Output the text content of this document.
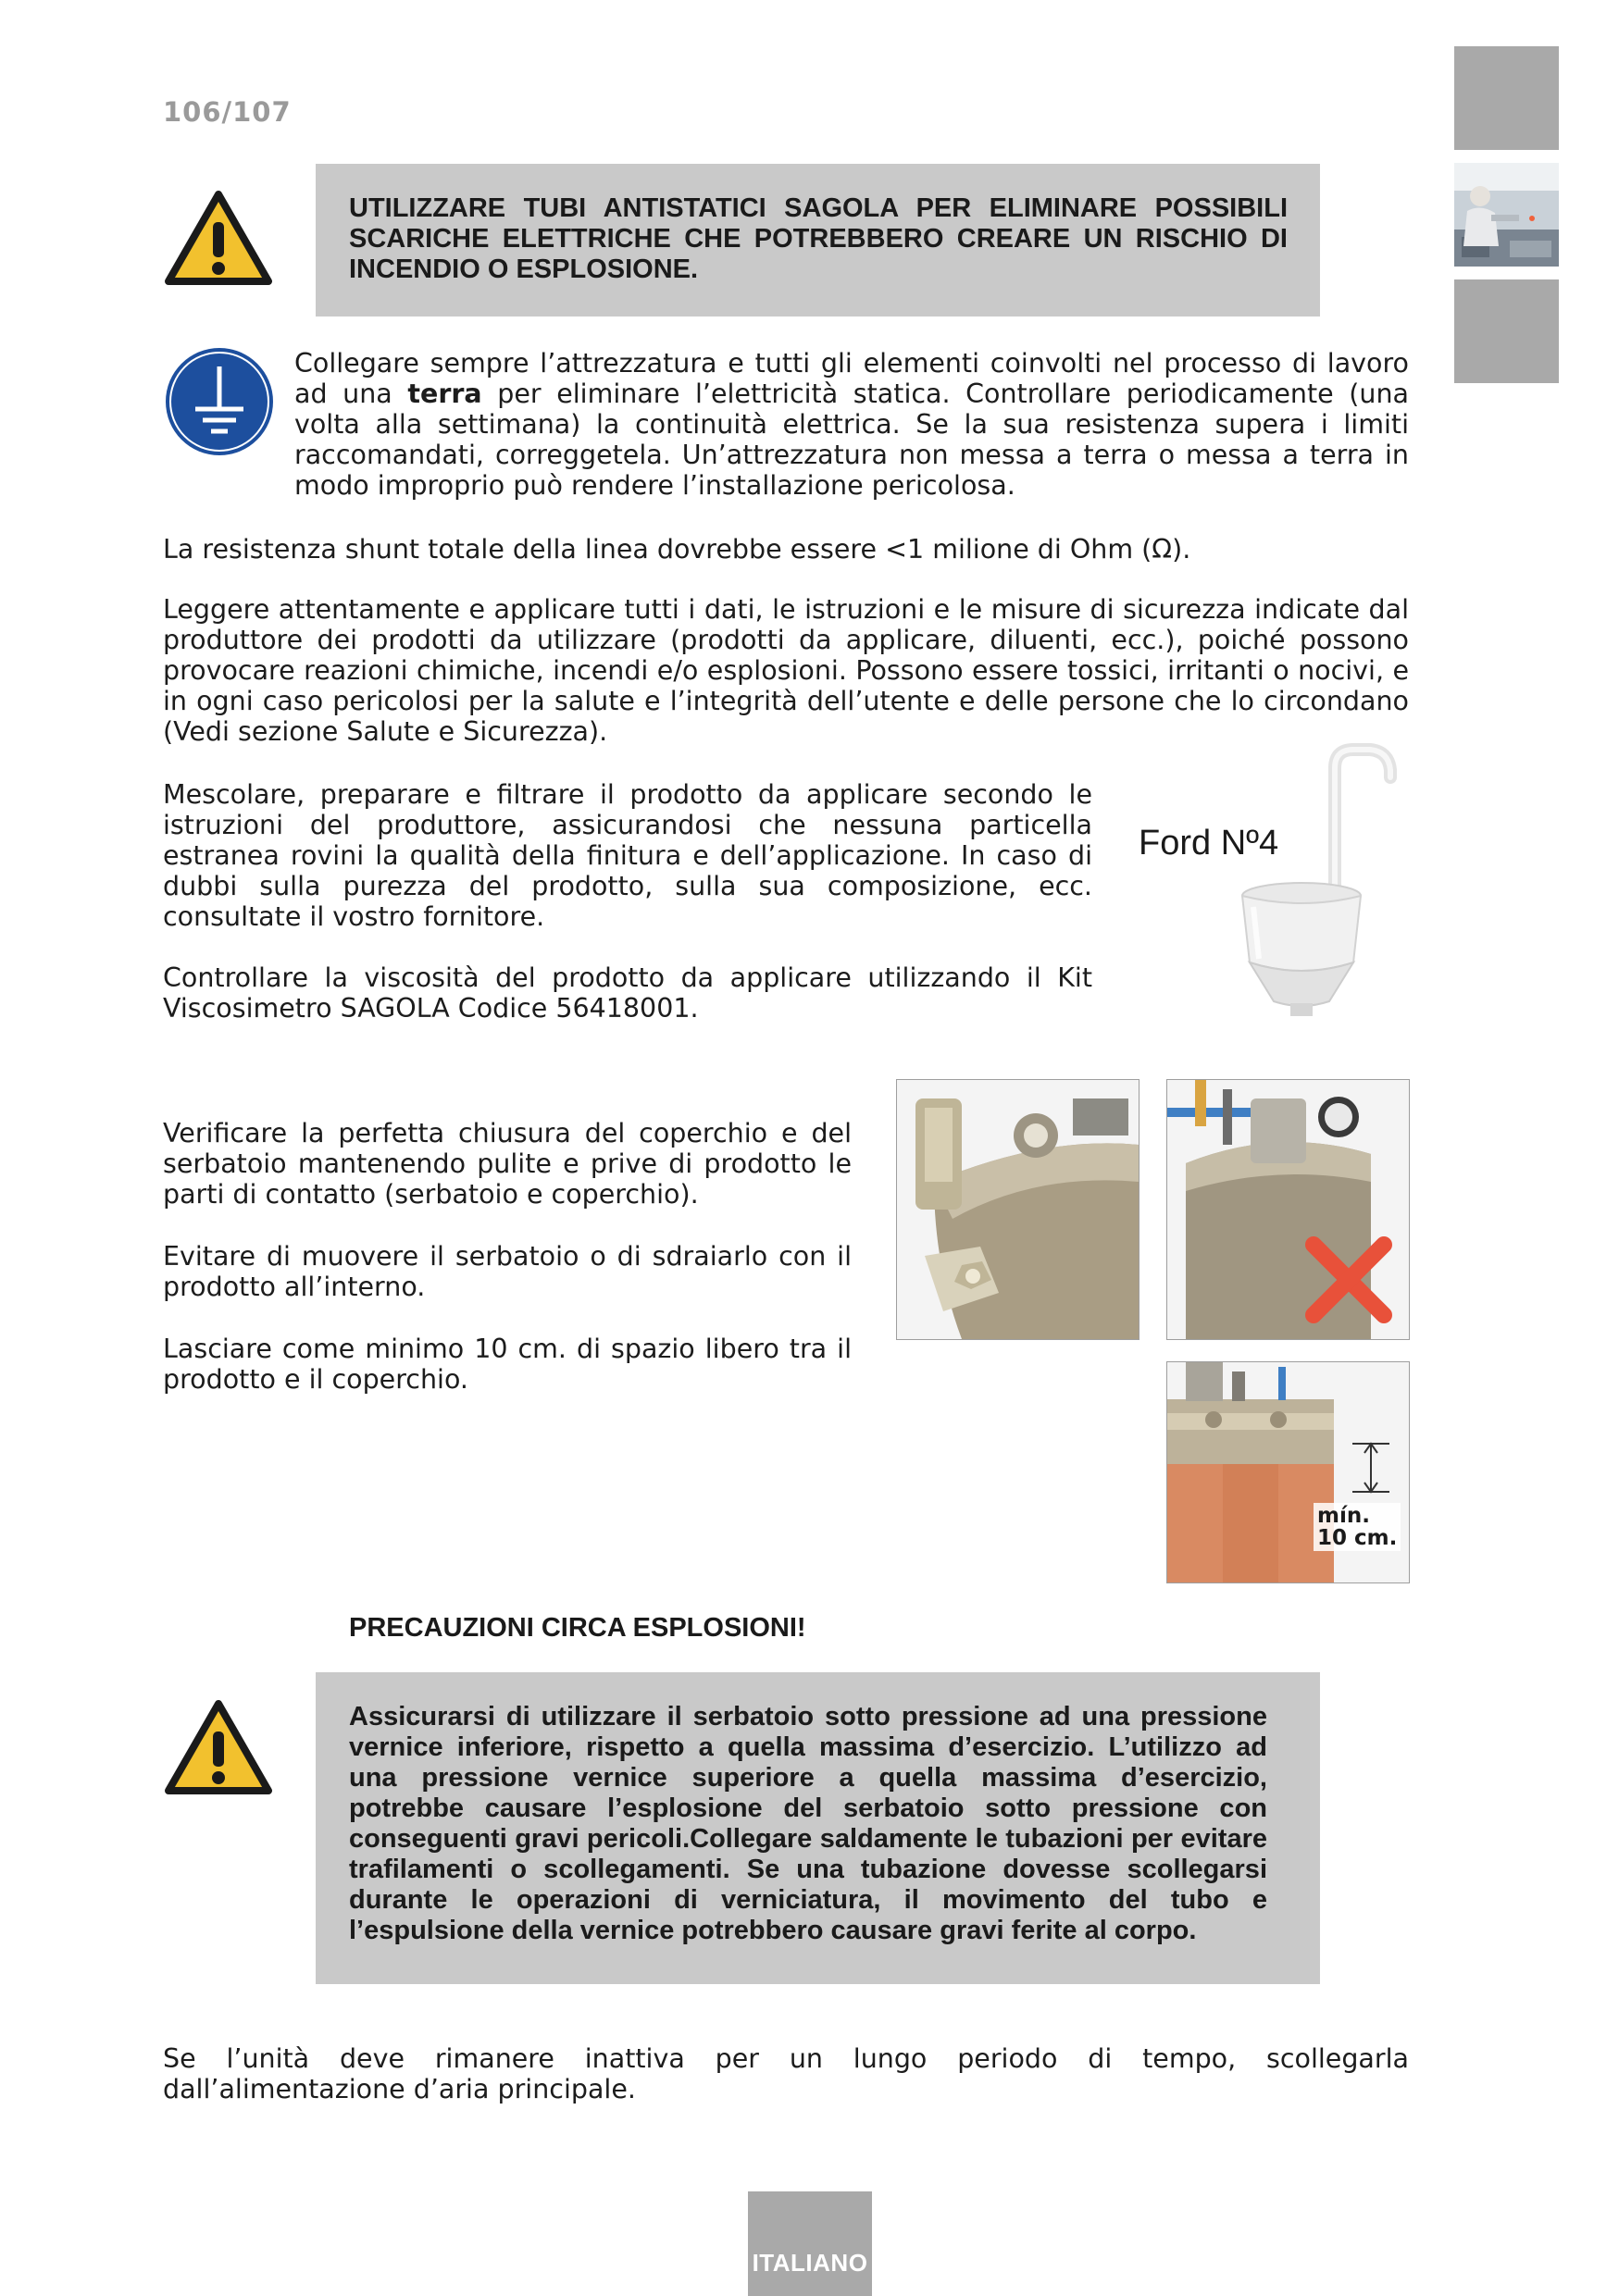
106/107

UTILIZZARE TUBI ANTISTATICI SAGOLA PER ELIMINARE POSSIBILI SCARICHE ELETTRICHE CHE POTREBBERO CREARE UN RISCHIO DI INCENDIO O ESPLOSIONE.

Collegare sempre l’attrezzatura e tutti gli elementi coinvolti nel processo di lavoro ad una terra per eliminare l’elettricità statica. Controllare periodicamente (una volta alla settimana) la continuità elettrica. Se la sua resistenza supera i limiti raccomandati, correggetela. Un’attrezzatura non messa a terra o messa a terra in modo improprio può rendere l’installazione pericolosa.

La resistenza shunt totale della linea dovrebbe essere <1 milione di Ohm (Ω).

Leggere attentamente e applicare tutti i dati, le istruzioni e le misure di sicurezza indicate dal produttore dei prodotti da utilizzare (prodotti da applicare, diluenti, ecc.), poiché possono provocare reazioni chimiche, incendi e/o esplosioni. Possono essere tossici, irritanti o nocivi, e in ogni caso pericolosi per la salute e l’integrità dell’utente e delle persone che lo circondano (Vedi sezione Salute e Sicurezza).

Mescolare, preparare e filtrare il prodotto da applicare secondo le istruzioni del produttore, assicurandosi che nessuna particella estranea rovini la qualità della finitura e dell’applicazione. In caso di dubbi sulla purezza del prodotto, sulla sua composizione, ecc. consultate il vostro fornitore.

Controllare la viscosità del prodotto da applicare utilizzando il Kit Viscosimetro SAGOLA Codice 56418001.

Ford Nº4

Verificare la perfetta chiusura del coperchio e del serbatoio mantenendo pulite e prive di prodotto le parti di contatto (serbatoio e coperchio).

Evitare di muovere il serbatoio o di sdraiarlo con il prodotto all’interno.

Lasciare come minimo 10 cm. di spazio libero tra il prodotto e il coperchio.

mín.
10 cm.
PRECAUZIONI CIRCA ESPLOSIONI!

Assicurarsi di utilizzare il serbatoio sotto pressione ad una pressione vernice inferiore, rispetto a quella massima d’esercizio. L’utilizzo ad una pressione vernice superiore a quella massima d’esercizio, potrebbe causare l’esplosione del serbatoio sotto pressione con conseguenti gravi pericoli.Collegare saldamente le tubazioni per evitare trafilamenti o scollegamenti. Se una tubazione dovesse scollegarsi durante le operazioni di verniciatura, il movimento del tubo e l’espulsione della vernice potrebbero causare gravi ferite al corpo.

Se l’unità deve rimanere inattiva per un lungo periodo di tempo, scollegarla dall’alimentazione d’aria principale.

ITALIANO
